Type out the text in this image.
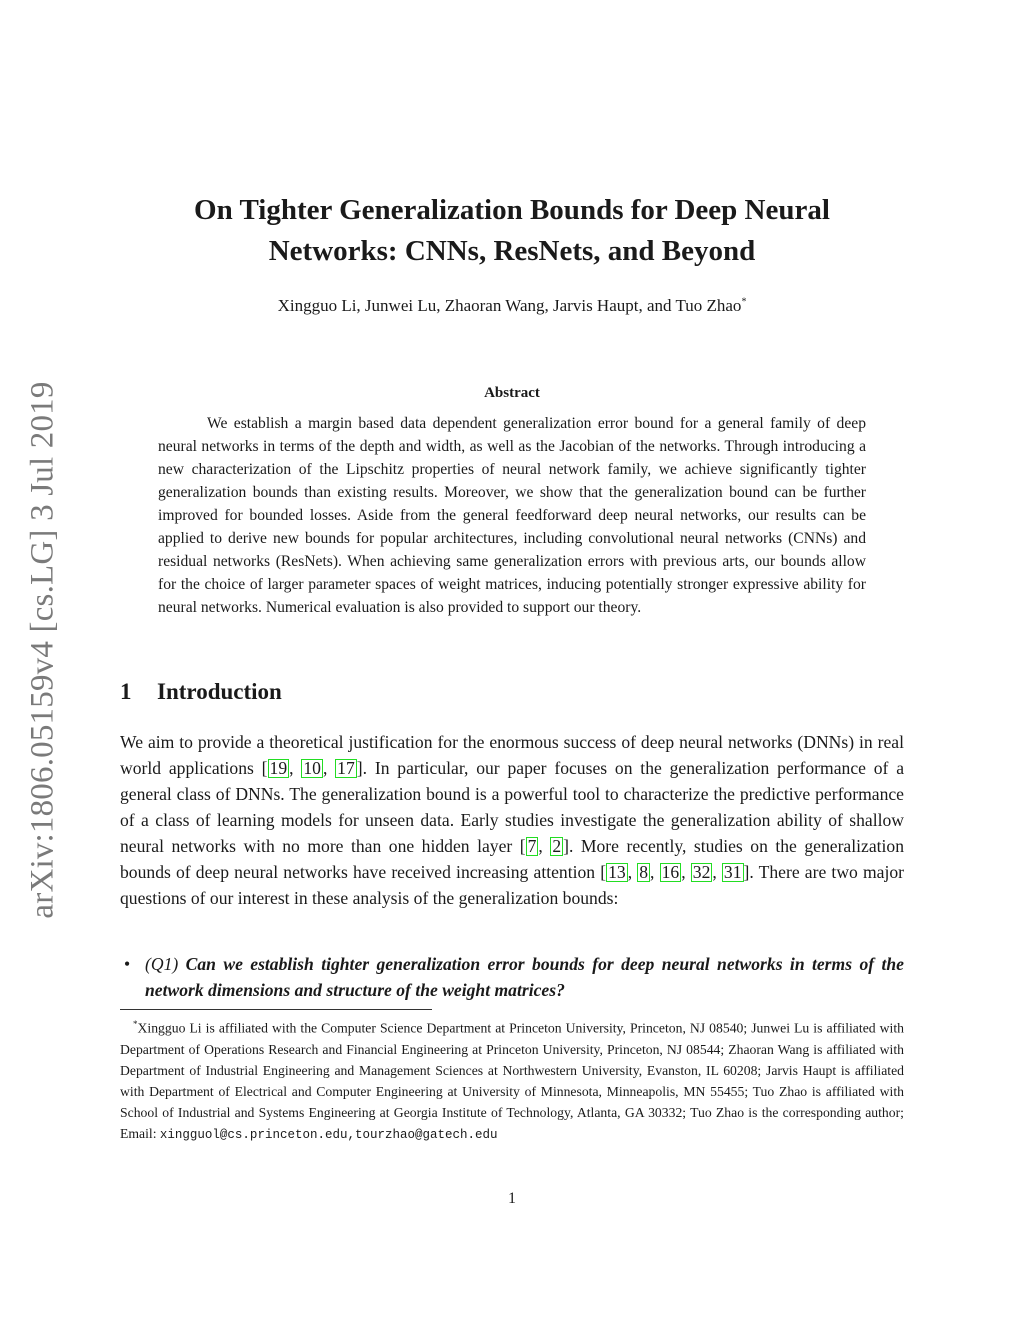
arXiv:1806.05159v4 [cs.LG] 3 Jul 2019
On Tighter Generalization Bounds for Deep Neural
Networks: CNNs, ResNets, and Beyond
Xingguo Li, Junwei Lu, Zhaoran Wang, Jarvis Haupt, and Tuo Zhao*
Abstract

We establish a margin based data dependent generalization error bound for a general family of deep neural networks in terms of the depth and width, as well as the Jacobian of the networks. Through introducing a new characterization of the Lipschitz properties of neural network family, we achieve significantly tighter generalization bounds than existing results. Moreover, we show that the generalization bound can be further improved for bounded losses. Aside from the general feedforward deep neural networks, our results can be applied to derive new bounds for popular architectures, including convolutional neural networks (CNNs) and residual networks (ResNets). When achieving same generalization errors with previous arts, our bounds allow for the choice of larger parameter spaces of weight matrices, inducing potentially stronger expressive ability for neural networks. Numerical evaluation is also provided to support our theory.

1 Introduction

We aim to provide a theoretical justification for the enormous success of deep neural networks (DNNs) in real world applications [ 19 , 10 , 17 ]. In particular, our paper focuses on the generalization performance of a general class of DNNs. The generalization bound is a powerful tool to characterize the predictive performance of a class of learning models for unseen data. Early studies investigate the generalization ability of shallow neural networks with no more than one hidden layer [ 7 , 2 ]. More recently, studies on the generalization bounds of deep neural networks have received increasing attention [ 13 , 8 , 16 , 32 , 31 ]. There are two major questions of our interest in these analysis of the generalization bounds:

• (Q1) Can we establish tighter generalization error bounds for deep neural networks in terms of the network dimensions and structure of the weight matrices?

*Xingguo Li is affiliated with the Computer Science Department at Princeton University, Princeton, NJ 08540; Junwei Lu is affiliated with Department of Operations Research and Financial Engineering at Princeton University, Princeton, NJ 08544; Zhaoran Wang is affiliated with Department of Industrial Engineering and Management Sciences at Northwestern University, Evanston, IL 60208; Jarvis Haupt is affiliated with Department of Electrical and Computer Engineering at University of Minnesota, Minneapolis, MN 55455; Tuo Zhao is affiliated with School of Industrial and Systems Engineering at Georgia Institute of Technology, Atlanta, GA 30332; Tuo Zhao is the corresponding author; Email: xingguol@cs.princeton.edu,tourzhao@gatech.edu

1
